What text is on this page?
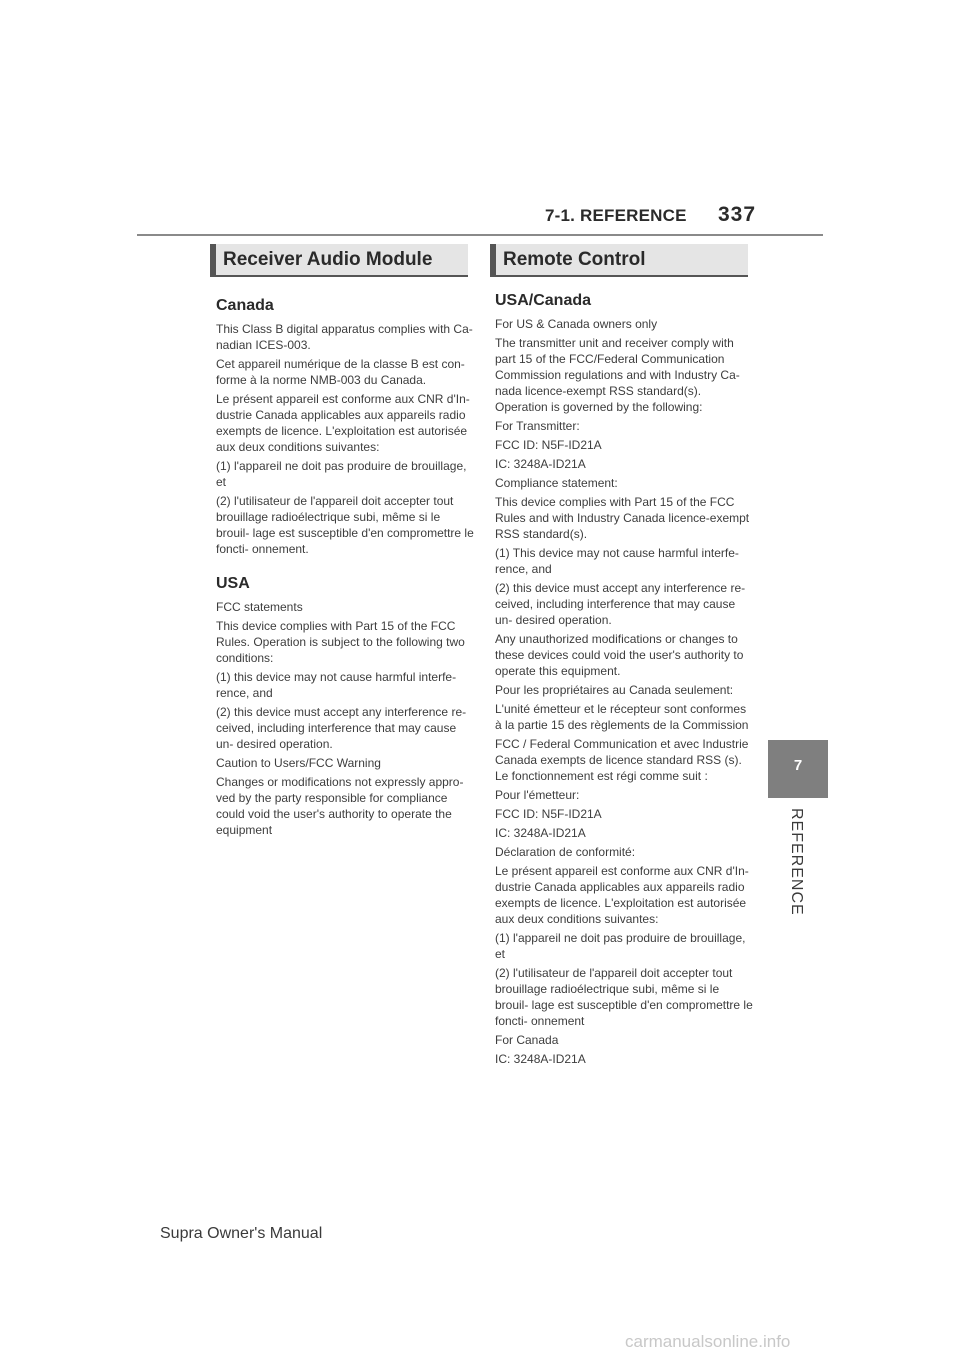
7-1. REFERENCE 337
Receiver Audio Module	Remote Control
Canada

This Class B digital apparatus complies with Ca- nadian ICES-003.

Cet appareil numérique de la classe B est con- forme à la norme NMB-003 du Canada.

Le présent appareil est conforme aux CNR d'In- dustrie Canada applicables aux appareils radio exempts de licence. L'exploitation est autorisée aux deux conditions suivantes:

(1) l'appareil ne doit pas produire de brouillage, et

(2) l'utilisateur de l'appareil doit accepter tout brouillage radioélectrique subi, même si le brouil- lage est susceptible d'en compromettre le foncti- onnement.

USA

FCC statements

This device complies with Part 15 of the FCC Rules. Operation is subject to the following two conditions:

(1) this device may not cause harmful interfe- rence, and

(2) this device must accept any interference re- ceived, including interference that may cause un- desired operation.

Caution to Users/FCC Warning

Changes or modifications not expressly appro- ved by the party responsible for compliance could void the user's authority to operate the equipment

USA/Canada

For US & Canada owners only

The transmitter unit and receiver comply with part 15 of the FCC/Federal Communication Commission regulations and with Industry Ca- nada licence-exempt RSS standard(s). Operation is governed by the following:

For Transmitter:

FCC ID: N5F-ID21A

IC: 3248A-ID21A

Compliance statement:

This device complies with Part 15 of the FCC Rules and with Industry Canada licence-exempt RSS standard(s).

(1) This device may not cause harmful interfe- rence, and

(2) this device must accept any interference re- ceived, including interference that may cause un- desired operation.

Any unauthorized modifications or changes to these devices could void the user's authority to operate this equipment.

Pour les propriétaires au Canada seulement:

L'unité émetteur et le récepteur sont conformes à la partie 15 des règlements de la Commission

FCC / Federal Communication et avec Industrie Canada exempts de licence standard RSS (s). Le fonctionnement est régi comme suit :

Pour l'émetteur:

FCC ID: N5F-ID21A

IC: 3248A-ID21A

Déclaration de conformité:

Le présent appareil est conforme aux CNR d'In- dustrie Canada applicables aux appareils radio exempts de licence. L'exploitation est autorisée aux deux conditions suivantes:

(1) l'appareil ne doit pas produire de brouillage, et

(2) l'utilisateur de l'appareil doit accepter tout brouillage radioélectrique subi, même si le brouil- lage est susceptible d'en compromettre le foncti- onnement

For Canada

IC: 3248A-ID21A

7
REFERENCE
Supra Owner's Manual
carmanualsonline.info
